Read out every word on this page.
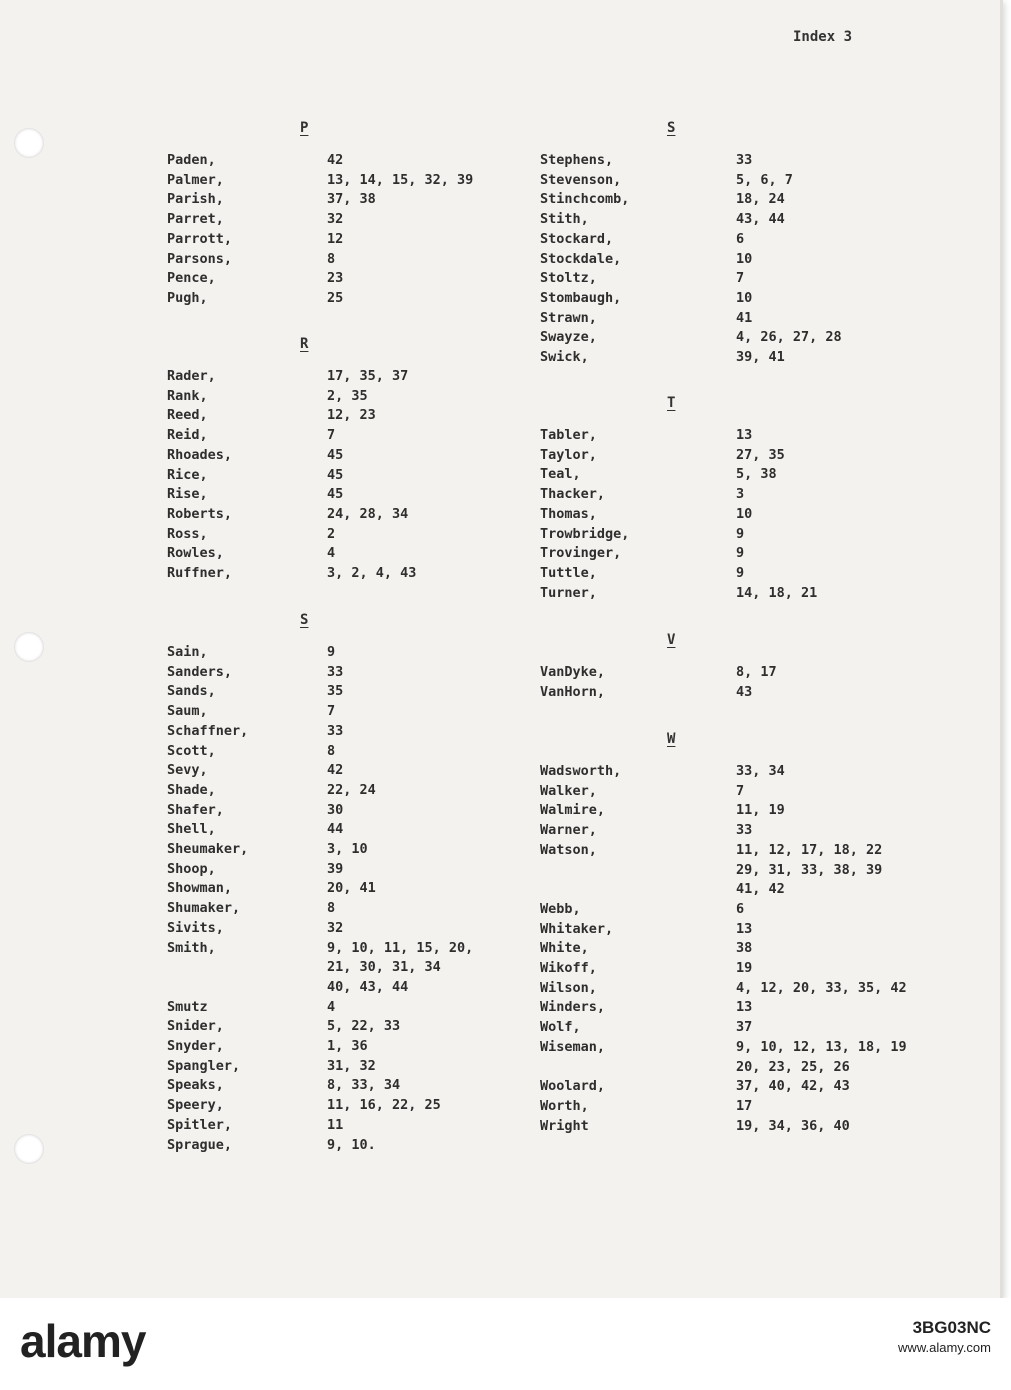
Index 3
P
Paden,	42
Palmer,	13, 14, 15, 32, 39
Parish,	37, 38
Parret,	32
Parrott,	12
Parsons,	8
Pence,	23
Pugh,	25
R
Rader,	17, 35, 37
Rank,	2, 35
Reed,	12, 23
Reid,	7
Rhoades,	45
Rice,	45
Rise,	45
Roberts,	24, 28, 34
Ross,	2
Rowles,	4
Ruffner,	3, 2, 4, 43
S
Sain,	9
Sanders,	33
Sands,	35
Saum,	7
Schaffner,	33
Scott,	8
Sevy,	42
Shade,	22, 24
Shafer,	30
Shell,	44
Sheumaker,	3, 10
Shoop,	39
Showman,	20, 41
Shumaker,	8
Sivits,	32
Smith,	9, 10, 11, 15, 20,
21, 30, 31, 34
40, 43, 44
Smutz	4
Snider,	5, 22, 33
Snyder,	1, 36
Spangler,	31, 32
Speaks,	8, 33, 34
Speery,	11, 16, 22, 25
Spitler,	11
Sprague,	9, 10.
S
Stephens,	33
Stevenson,	5, 6, 7
Stinchcomb,	18, 24
Stith,	43, 44
Stockard,	6
Stockdale,	10
Stoltz,	7
Stombaugh,	10
Strawn,	41
Swayze,	4, 26, 27, 28
Swick,	39, 41
T
Tabler,	13
Taylor,	27, 35
Teal,	5, 38
Thacker,	3
Thomas,	10
Trowbridge,	9
Trovinger,	9
Tuttle,	9
Turner,	14, 18, 21
V
VanDyke,	8, 17
VanHorn,	43
W
Wadsworth,	33, 34
Walker,	7
Walmire,	11, 19
Warner,	33
Watson,	11, 12, 17, 18, 22
29, 31, 33, 38, 39
41, 42
Webb,	6
Whitaker,	13
White,	38
Wikoff,	19
Wilson,	4, 12, 20, 33, 35, 42
Winders,	13
Wolf,	37
Wiseman,	9, 10, 12, 13, 18, 19
20, 23, 25, 26
Woolard,	37, 40, 42, 43
Worth,	17
Wright	19, 34, 36, 40
alamy	3BG03NC
www.alamy.com
